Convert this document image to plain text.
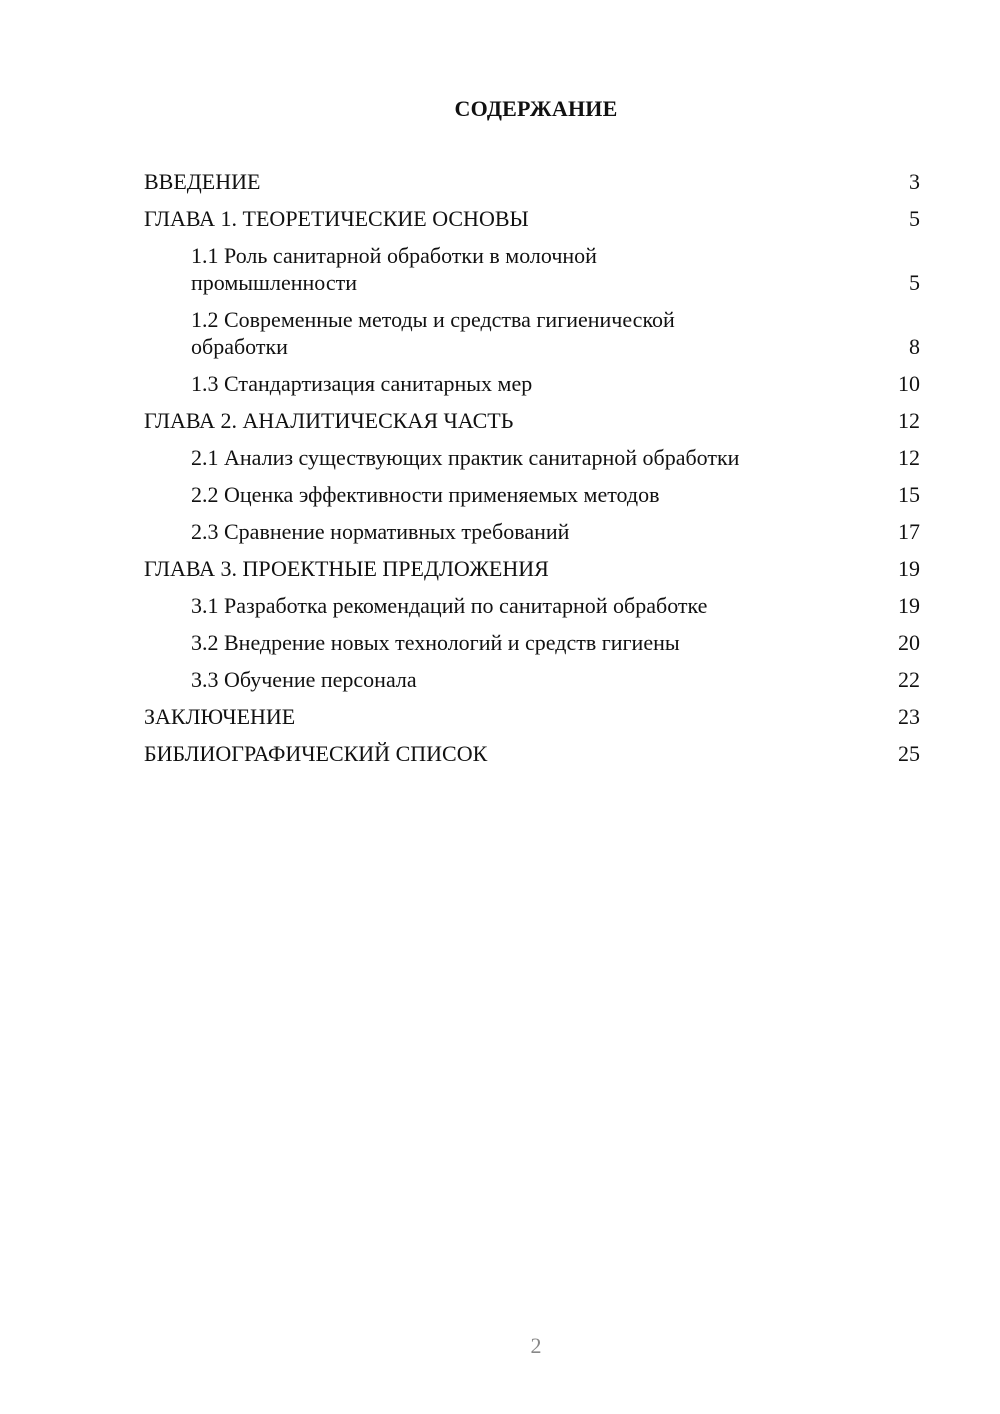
СОДЕРЖАНИЕ
ВВЕДЕНИЕ	3
ГЛАВА 1. ТЕОРЕТИЧЕСКИЕ ОСНОВЫ	5
1.1 Роль санитарной обработки в молочной промышленности	5
1.2 Современные методы и средства гигиенической обработки	8
1.3 Стандартизация санитарных мер	10
ГЛАВА 2. АНАЛИТИЧЕСКАЯ ЧАСТЬ	12
2.1 Анализ существующих практик санитарной обработки	12
2.2 Оценка эффективности применяемых методов	15
2.3 Сравнение нормативных требований	17
ГЛАВА 3. ПРОЕКТНЫЕ ПРЕДЛОЖЕНИЯ	19
3.1 Разработка рекомендаций по санитарной обработке	19
3.2 Внедрение новых технологий и средств гигиены	20
3.3 Обучение персонала	22
ЗАКЛЮЧЕНИЕ	23
БИБЛИОГРАФИЧЕСКИЙ СПИСОК	25
2
